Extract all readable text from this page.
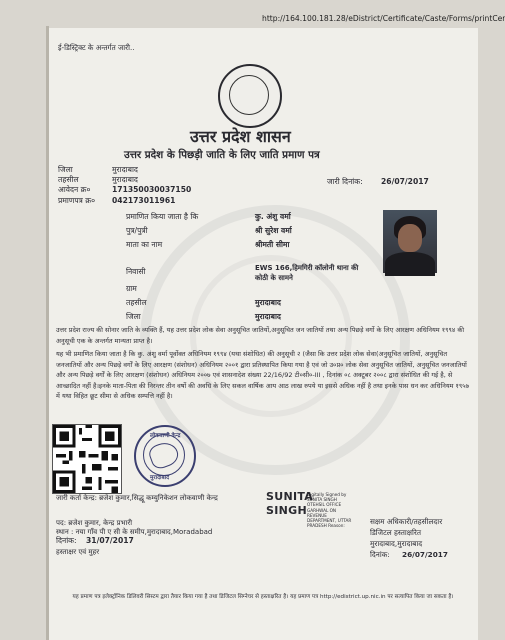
http://164.100.181.28/eDistrict/Certificate/Caste/Forms/printCer
ई-डिस्ट्रिक्ट के अन्तर्गत जारी..
उत्तर प्रदेश शासन
उत्तर प्रदेश के पिछड़ी जाति के लिए जाति प्रमाण पत्र
जिला	मुरादाबाद
तहसील	मुरादाबाद
आवेदन क्र०	171350030037150
प्रमाणपत्र क्र० 042173011961
जारी दिनांक: 26/07/2017
प्रमाणित किया जाता है कि	कु. अंशु वर्मा
पुत्र/पुत्री	श्री सुरेश वर्मा
माता का नाम	श्रीमती सीमा
निवासी	EWS 166,हिमगिरी कॉलोनी थाना की
कोठी के सामने
ग्राम
तहसील	मुरादाबाद
जिला	मुरादाबाद
उत्तर प्रदेश राज्य की सोनार जाति के व्यक्ति हैं, यह उत्तर प्रदेश लोक सेवा अनुसूचित जातियों,अनुसूचित जन जातियों तथा अन्य पिछड़े वर्गो के लिए आरक्षण अधिनियम १९९४ की अनुसूची एक के अन्तर्गत मान्यता प्राप्त है।
यह भी प्रमाणित किया जाता है कि कु. अंशु वर्मा पूर्वोक्त अधिनियम १९९४ (यथा संशोधित) की अनुसूची २ (जैसा कि उत्तर प्रदेश लोक सेवा(अनुसूचित जातियों, अनुसूचित जनजातियों और अन्य पिछड़े वर्गों के लिए आरक्षण (संशोधन) अधिनियम २००१ द्वारा प्रतिस्थापित किया गया है एवं जो उ०प्र० लोक सेवा अनुसूचित जातियों, अनुसूचित जनजातियों और अन्य पिछड़े वर्गों के लिए आरक्षण (संशोधन) अधिनियम २००७ एवं शासनादेश संख्या 22/16/92 टी०सी०-III , दिनांक ०८ अक्टूबर २००८ द्वारा संशोधित की गई है, से आच्छादित नहीं है।इनके माता-पिता की निरन्तर तीन वर्षो की अवधि के लिए सकल वार्षिक आय आठ लाख रुपये या इससे अधिक नहीं है तथा इनके पास धन कर अधिनियम १९५७ में यथा विहित छूट सीमा से अधिक सम्पत्ति नहीं है।
लोकवाणी केन्द्र
मुरादाबाद
जारी कर्ता केन्द्र: ब्रजेश कुमार,सिद्धू कम्युनिकेशन लोकवाणी केन्द्र
पद: ब्रजेश कुमार, केन्द्र प्रभारी
स्थान : नया गाँव पी ए सी के समीप,मुरादाबाद,Moradabad
दिनांक: 31/07/2017
हस्ताक्षर एवं मुहर
SUNITA
SINGH
Digitally Signed by SUNITA SINGH OTEHSIL OFFICE GARHWAL ON REVENUE DEPARTMENT, UTTAR PRADESH Reason:	सक्षम अधिकारी/तहसीलदार
डिजिटल हस्ताक्षरित
मुरादाबाद,मुरादाबाद
दिनांक: 26/07/2017
यह प्रमाण पत्र इलेक्ट्रॉनिक डिलिवरी सिस्टम द्वारा तैयार किया गया है तथा डिजिटल सिग्नेचर से हस्ताक्षरित है। यह प्रमाण पत्र http://edistrict.up.nic.in पर सत्यापित किया जा सकता है।
